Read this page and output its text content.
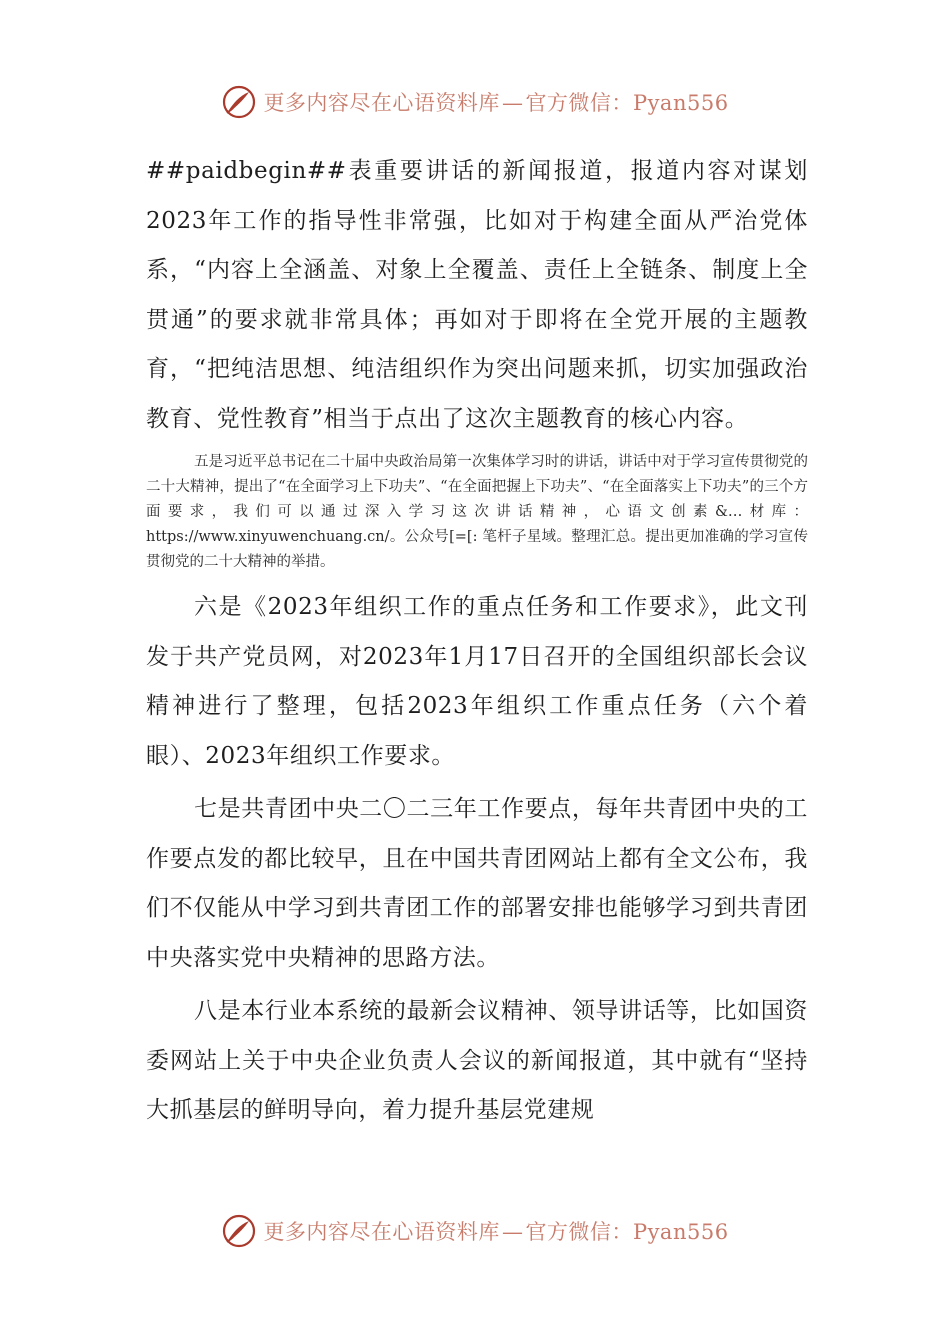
更多内容尽在心语资料库—官方微信：Pyan556

##paidbegin##表重要讲话的新闻报道，报道内容对谋划2023年工作的指导性非常强，比如对于构建全面从严治党体系，“内容上全涵盖、对象上全覆盖、责任上全链条、制度上全贯通”的要求就非常具体；再如对于即将在全党开展的主题教育，“把纯洁思想、纯洁组织作为突出问题来抓，切实加强政治教育、党性教育”相当于点出了这次主题教育的核心内容。

五是习近平总书记在二十届中央政治局第一次集体学习时的讲话，讲话中对于学习宣传贯彻党的二十大精神，提出了“在全面学习上下功夫”、“在全面把握上下功夫”、“在全面落实上下功夫”的三个方面要求，我们可以通过深入学习这次讲话精神，心语文创素&…材库：https://www.xinyuwenchuang.cn/。公众号[=[: 笔杆子星域。整理汇总。提出更加准确的学习宣传贯彻党的二十大精神的举措。

六是《2023年组织工作的重点任务和工作要求》，此文刊发于共产党员网，对2023年1月17日召开的全国组织部长会议精神进行了整理，包括2023年组织工作重点任务（六个着眼）、2023年组织工作要求。

七是共青团中央二〇二三年工作要点，每年共青团中央的工作要点发的都比较早，且在中国共青团网站上都有全文公布，我们不仅能从中学习到共青团工作的部署安排也能够学习到共青团中央落实党中央精神的思路方法。

八是本行业本系统的最新会议精神、领导讲话等，比如国资委网站上关于中央企业负责人会议的新闻报道，其中就有“坚持大抓基层的鲜明导向，着力提升基层党建规

更多内容尽在心语资料库—官方微信：Pyan556
